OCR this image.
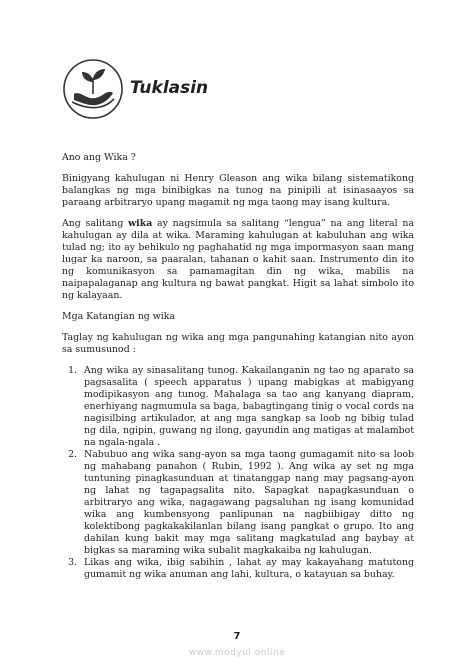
Tuklasin

Ano ang Wika ?

Binigyang kahulugan ni Henry Gleason ang wika bilang sistematikong balangkas ng mga binibigkas na tunog na pinipili at isinasaayos sa paraang arbitraryo upang magamit ng mga taong may isang kultura.

Ang salitang wika ay nagsimula sa salitang “lengua” na ang literal na kahulugan ay dila at wika. Maraming kahulugan at kabuluhan ang wika tulad ng; ito ay behikulo ng paghahatid ng mga impormasyon saan mang lugar ka naroon, sa paaralan, tahanan o kahit saan. Instrumento din ito ng komunikasyon sa pamamagitan din ng wika, mabilis na naipapalaganap ang kultura ng bawat pangkat. Higit sa lahat simbolo ito ng kalayaan.

Mga Katangian ng wika

Taglay ng kahulugan ng wika ang mga pangunahing katangian nito ayon sa sumusunod :

1. Ang wika ay sinasalitang tunog. Kakailanganin ng tao ng aparato sa pagsasalita ( speech apparatus ) upang mabigkas at mabigyang modipikasyon ang tunog. Mahalaga sa tao ang kanyang diapram, enerhiyang nagmumula sa baga, babagtingang tinig o vocal cords na nagisilbing artikulador, at ang mga sangkap sa loob ng bibig tulad ng dila, ngipin, guwang ng ilong, gayundin ang matigas at malambot na ngala-ngala .
2. Nabubuo ang wika sang-ayon sa mga taong gumagamit nito sa loob ng mahabang panahon ( Rubin, 1992 ). Ang wika ay set ng mga tuntuning pinagkasunduan at tinatanggap nang may pagsang-ayon ng lahat ng tagapagsalita nito. Sapagkat napagkasunduan o arbitraryo ang wika, nagagawang pagsaluhan ng isang komunidad wika ang kumbensyong panlipunan na nagbiibigay ditto ng kolektibong pagkakakilanlan bilang isang pangkat o grupo. Ito ang dahilan kung bakit may mga salitang magkatulad ang baybay at bigkas sa maraming wika subalit magkakaiba ng kahulugan.
3. Likas ang wika, ibig sabihin , lahat ay may kakayahang matutong gumamit ng wika anuman ang lahi, kultura, o katayuan sa buhay.
7
www.modyul.online
